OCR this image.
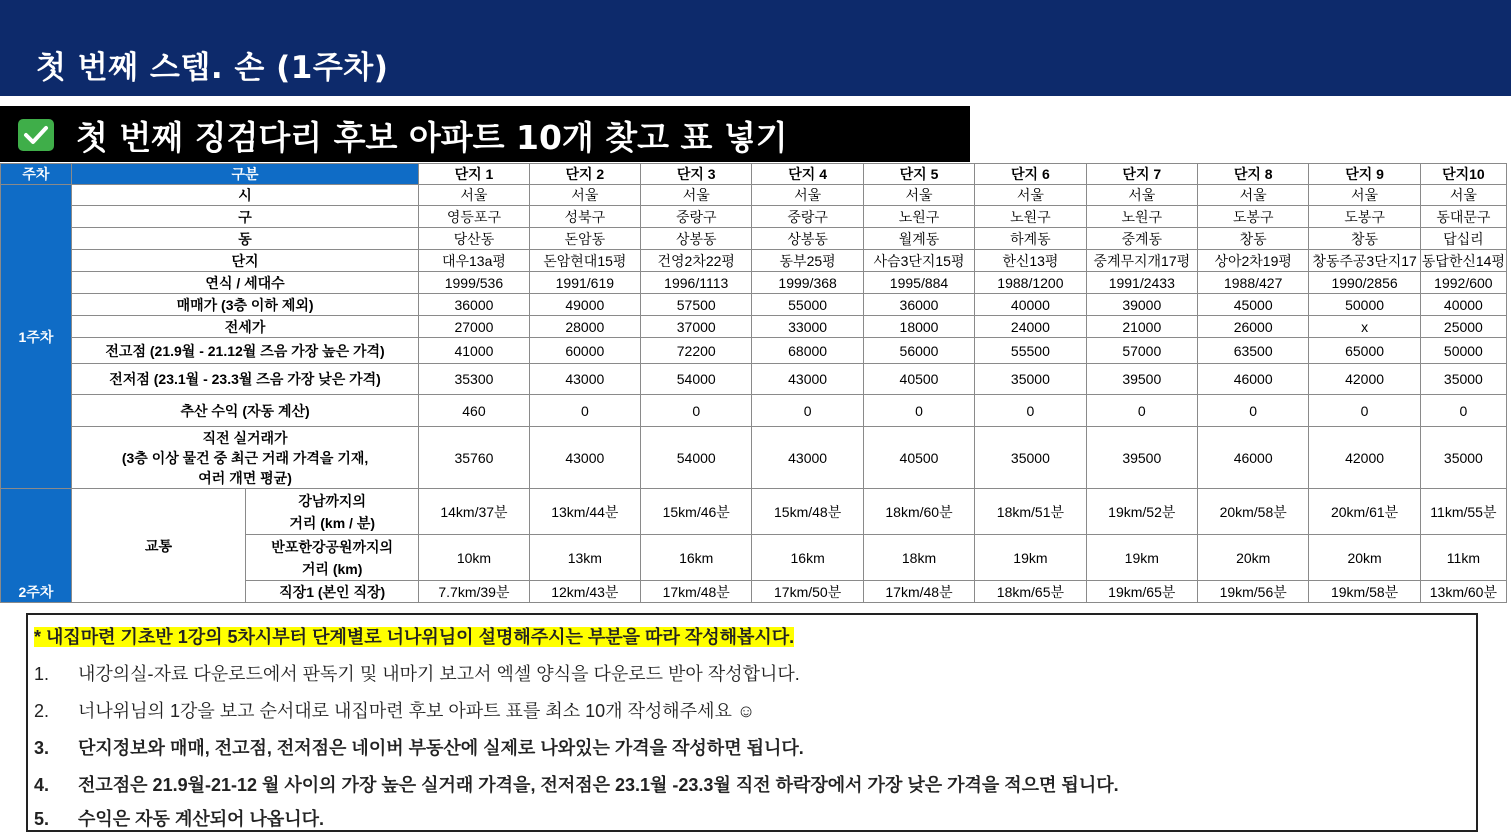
첫 번째 스텝. 손 (1주차)
첫 번째 징검다리 후보 아파트 10개 찾고 표 넣기
주차	구분		단지 1	단지 2	단지 3	단지 4	단지 5	단지 6	단지 7	단지 8	단지 9	단지10
1주차	시		서울	서울	서울	서울	서울	서울	서울	서울	서울	서울
	구		영등포구	성북구	중랑구	중랑구	노원구	노원구	노원구	도봉구	도봉구	동대문구
	동		당산동	돈암동	상봉동	상봉동	월계동	하계동	중계동	창동	창동	답십리
	단지		대우13a평	돈암현대15평	건영2차22평	동부25평	사슴3단지15평	한신13평	중계무지개17평	상아2차19평	창동주공3단지17	동답한신14평
	연식 / 세대수		1999/536	1991/619	1996/1113	1999/368	1995/884	1988/1200	1991/2433	1988/427	1990/2856	1992/600
	매매가 (3층 이하 제외)		36000	49000	57500	55000	36000	40000	39000	45000	50000	40000
	전세가		27000	28000	37000	33000	18000	24000	21000	26000	x	25000
	전고점 (21.9월 - 21.12월 즈음 가장 높은 가격)		41000	60000	72200	68000	56000	55500	57000	63500	65000	50000
	전저점 (23.1월 - 23.3월 즈음 가장 낮은 가격)		35300	43000	54000	43000	40500	35000	39500	46000	42000	35000
	추산 수익 (자동 계산)		460	0	0	0	0	0	0	0	0	0

	직전 실거래가
(3층 이상 물건 중 최근 거래 가격을 기재,
여러 개면 평균)		35760	43000	54000	43000	40500	35000	39500	46000	42000	35000
2주차	교통	강남까지의
거리 (km / 분)	14km/37분	13km/44분	15km/46분	15km/48분	18km/60분	18km/51분	19km/52분	20km/58분	20km/61분	11km/55분

		반포한강공원까지의
거리 (km)	10km	13km	16km	16km	18km	19km	19km	20km	20km	11km
		직장1 (본인 직장)	7.7km/39분	12km/43분	17km/48분	17km/50분	17km/48분	18km/65분	19km/65분	19km/56분	19km/58분	13km/60분
* 내집마련 기초반 1강의 5차시부터 단계별로 너나위님이 설명해주시는 부분을 따라 작성해봅시다.
1. 내강의실-자료 다운로드에서 판독기 및 내마기 보고서 엑셀 양식을 다운로드 받아 작성합니다.
2. 너나위님의 1강을 보고 순서대로 내집마련 후보 아파트 표를 최소 10개 작성해주세요 ☺
3. 단지정보와 매매, 전고점, 전저점은 네이버 부동산에 실제로 나와있는 가격을 작성하면 됩니다.
4. 전고점은 21.9월-21-12 월 사이의 가장 높은 실거래 가격을, 전저점은 23.1월 -23.3월 직전 하락장에서 가장 낮은 가격을 적으면 됩니다.
5. 수익은 자동 계산되어 나옵니다.
